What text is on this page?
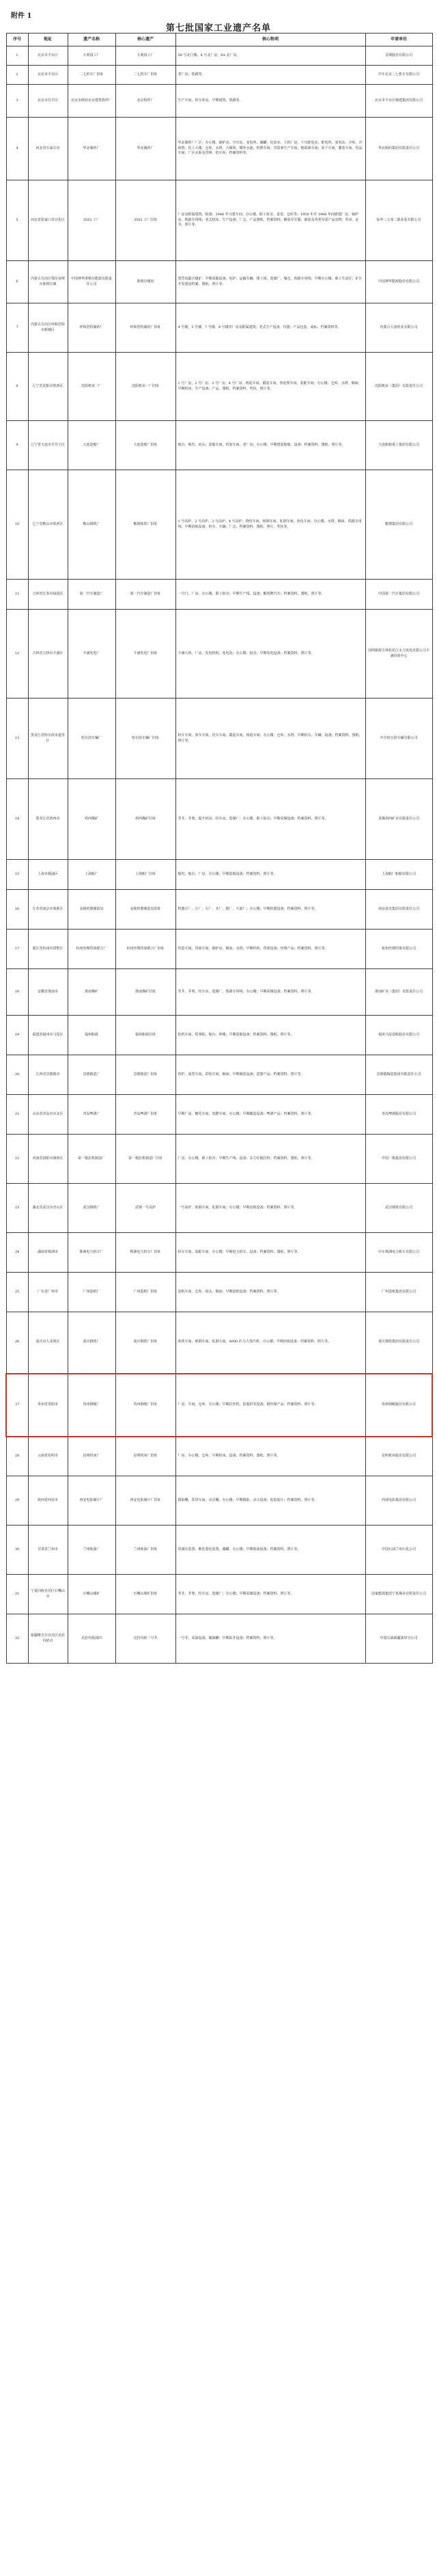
附件 1
第七批国家工业遗产名单
序号	地址	遗产名称	核心遗产	核心物项	申请单位
1	北京市丰台区	大观园工厂	大观园工厂	58 号北门楼、4 号北厂房、6A 北厂房。	首钢股份有限公司
2	北京市丰台区	二七机车厂旧址	二七机车厂旧址	老厂房、铁路等。	中车北京二七机车有限公司
3	北京市昌平区	北京市政府北京建筑构件厂	北京构件厂	生产车间、机车库房、早期建筑、铁路等。	北京市丰台区城建集团有限公司
4	河北省石家庄市	华北制药厂	华北制药厂	华北制药厂厂区：办公楼、锅炉房、空压站、变电所、储罐、化验室、主机厂房、下压配电室、配电所、变电站、冷库、冷却塔、化工大楼、仓库、水塔、大烟筒、循环水池、机修车间；青霉素生产车间、链霉素车间；冻干车间、灌装车间、结晶车间；厂区水系及管网、机车库；档案资料等。	华北制药集团有限责任公司
5	河北省张家口市宣化区	3502 工厂	3502 工厂旧址	厂房及附属建筑、院落：1946 年兴建车间、办公楼、职工宿舍、食堂、仓库等；1958 年至 1966 年间新建厂房、锅炉房、铁路专用线；老式机床、生产设备；厂志、产品图纸、档案资料；解放军军服、被装及各类军需产品实物；奖章、证书、照片等。	际华三五零二职业装有限公司
6	内蒙古自治区鄂尔多斯市准格尔旗	中国神华准格尔能源有限责任公司	准格尔煤田	黑岱沟露天煤矿：早期采掘设备、电铲、运输车辆、排土场；选煤厂、煤仓、铁路专用线；早期办公楼、职工生活区；矿区开发建设档案、图纸、照片等。	中国神华能源股份有限公司
7	内蒙古自治区呼和浩特市新城区	呼和浩特制药厂	呼和浩特制药厂旧址	4 号楼、5 号楼、7 号楼、8 号楼等厂房及附属建筑；老式生产设备、仪器；产品包装、商标、档案资料等。	内蒙古大唐药业有限公司
8	辽宁省沈阳市铁西区	沈阳机床一厂	沈阳机床一厂旧址	1 号厂房、2 号厂房、3 号厂房、4 号厂房、铸造车间、锻造车间、热处理车间、装配车间；办公楼、仓库、水塔、烟囱；早期机床、生产设备；产品、图纸、档案资料、奖状、照片等。	沈阳机床（集团）有限责任公司
9	辽宁省大连市甘井子区	大连造船厂	大连造船厂旧址	船台、船坞、码头；造船车间、机加车间、老厂房；办公楼；早期建造船舶、设备；档案资料、图纸、照片等。	大连船舶重工集团有限公司
10	辽宁省鞍山市铁西区	鞍山钢铁厂	鞍钢炼铁厂旧址	1 号高炉、2 号高炉、3 号高炉、4 号高炉；烧结车间、炼钢车间、轧钢车间、焦化车间；办公楼、水塔、烟囱、铁路专用线；早期冶炼设备、机车、车辆；厂志、档案资料、图纸、照片、奖状等。	鞍钢集团有限公司
11	吉林省长春市绿园区	第一汽车制造厂	第一汽车制造厂旧址	一号门、厂房、办公楼、职工宿舍；早期生产线、设备；解放牌汽车；档案资料、图纸、照片等。	中国第一汽车集团有限公司
12	吉林省吉林市丰满区	丰满发电厂	丰满发电厂旧址	丰满大坝、厂房、发电机组、变电站；办公楼、宿舍；早期发电设备；档案资料、照片等。	国网新源吉林松花江水力发电有限公司丰满培训中心
13	黑龙江省哈尔滨市道里区	哈尔滨车辆厂	哈尔滨车辆厂旧址	机车车间、客车车间、货车车间、锻造车间、铸造车间；办公楼、仓库、水塔；早期机车、车辆、设备；档案资料、图纸、照片等。	中车哈尔滨车辆有限公司
14	黑龙江省鸡西市	鸡西煤矿	鸡西煤矿旧址	竖井、井架、提升机房、绞车房、选煤厂；办公楼、职工宿舍；早期采煤设备；档案资料、照片等。	龙煤鸡西矿业有限责任公司
15	上海市杨浦区	上海船厂	上海船厂旧址	船坞、船台、厂房、办公楼；早期造船设备；档案资料、照片等。	上海船厂船舶有限公司
16	江苏省南京市秦淮区	金陵机器制造局	金陵机器制造局旧址	机器正厂、左厂、右厂、木厂、炮厂、火箭厂；办公楼；早期机器设备；档案资料、照片等。	南京晨光集团有限责任公司
17	浙江省杭州市拱墅区	杭州丝绸印染联合厂	杭州丝绸印染联合厂旧址	织造车间、印染车间、锅炉房、烟囱、水塔；早期织机、印染设备；丝绸产品；档案资料、照片等。	杭州丝绸印染有限公司
18	安徽省淮南市	淮南煤矿	淮南煤矿旧址	竖井、井架、绞车房、选煤厂、铁路专用线；办公楼；早期采煤设备；档案资料、照片等。	淮南矿业（集团）有限责任公司
19	福建省福州市马尾区	福州船政	福州船政旧址	轮机车间、绘事院、船台、钟楼；早期造船设备；档案资料、图纸、照片等。	福州马尾造船股份有限公司
20	江西省景德镇市	景德镇瓷厂	景德镇瓷厂旧址	窑炉、成型车间、彩绘车间、烟囱；早期制瓷设备；瓷器产品；档案资料、照片等。	景德镇陶瓷集团有限责任公司
21	山东省青岛市市北区	青岛啤酒厂	青岛啤酒厂旧址	早期厂房、糖化车间、发酵车间、办公楼；早期酿造设备；啤酒产品；档案资料、照片等。	青岛啤酒股份有限公司
22	河南省洛阳市涧西区	第一拖拉机制造厂	第一拖拉机制造厂旧址	厂房、办公楼、职工宿舍；早期生产线、设备；东方红拖拉机；档案资料、图纸、照片等。	中国一拖集团有限公司
23	湖北省武汉市青山区	武汉钢铁厂	武钢一号高炉	一号高炉、炼钢车间、轧钢车间；办公楼；早期冶炼设备；档案资料、照片等。	武汉钢铁有限公司
24	湖南省株洲市	株洲电力机车厂	株洲电力机车厂旧址	机车车间、装配车间、办公楼；早期电力机车、设备；档案资料、图纸、照片等。	中车株洲电力机车有限公司
25	广东省广州市	广州造纸厂	广州造纸厂旧址	造纸车间、仓库、码头、烟囱；早期造纸设备；档案资料、照片等。	广州造纸集团有限公司
26	重庆市九龙坡区	重庆钢铁厂	重庆钢铁厂旧址	炼铁车间、炼钢车间、轧钢车间、8000 匹马力蒸汽机；办公楼；早期冶炼设备；档案资料、照片等。	重庆钢铁集团有限责任公司
27	贵州省贵阳市	贵州钢绳厂	贵州钢绳厂旧址	厂房、车间、仓库、办公楼；早期拉丝机、捻股机等设备；钢丝绳产品；档案资料、照片等。	贵州钢绳股份有限公司
28	云南省昆明市	昆明机床厂	昆明机床厂旧址	厂房、办公楼、仓库；早期机床、设备；档案资料、图纸、照片等。	昆明机床股份有限公司
29	陕西省西安市	西安电影制片厂	西安电影制片厂旧址	摄影棚、洗印车间、录音棚、办公楼；早期摄影、录音设备；电影胶片；档案资料、照片等。	西部电影集团有限公司
30	甘肃省兰州市	兰州炼油厂	兰州炼油厂旧址	常减压装置、催化裂化装置、储罐、办公楼；早期炼油设备；档案资料、照片等。	中国石油兰州石化公司
31	宁夏回族自治区石嘴山市	石嘴山煤矿	石嘴山煤矿旧址	竖井、井架、绞车房、选煤厂；办公楼；早期采煤设备；档案资料、照片等。	国家能源集团宁夏煤业有限责任公司
32	新疆维吾尔自治区克拉玛依市	克拉玛依油田	克拉玛依一号井	一号井、采油设备、储油罐；早期钻井设备；档案资料、照片等。	中国石油新疆油田分公司
